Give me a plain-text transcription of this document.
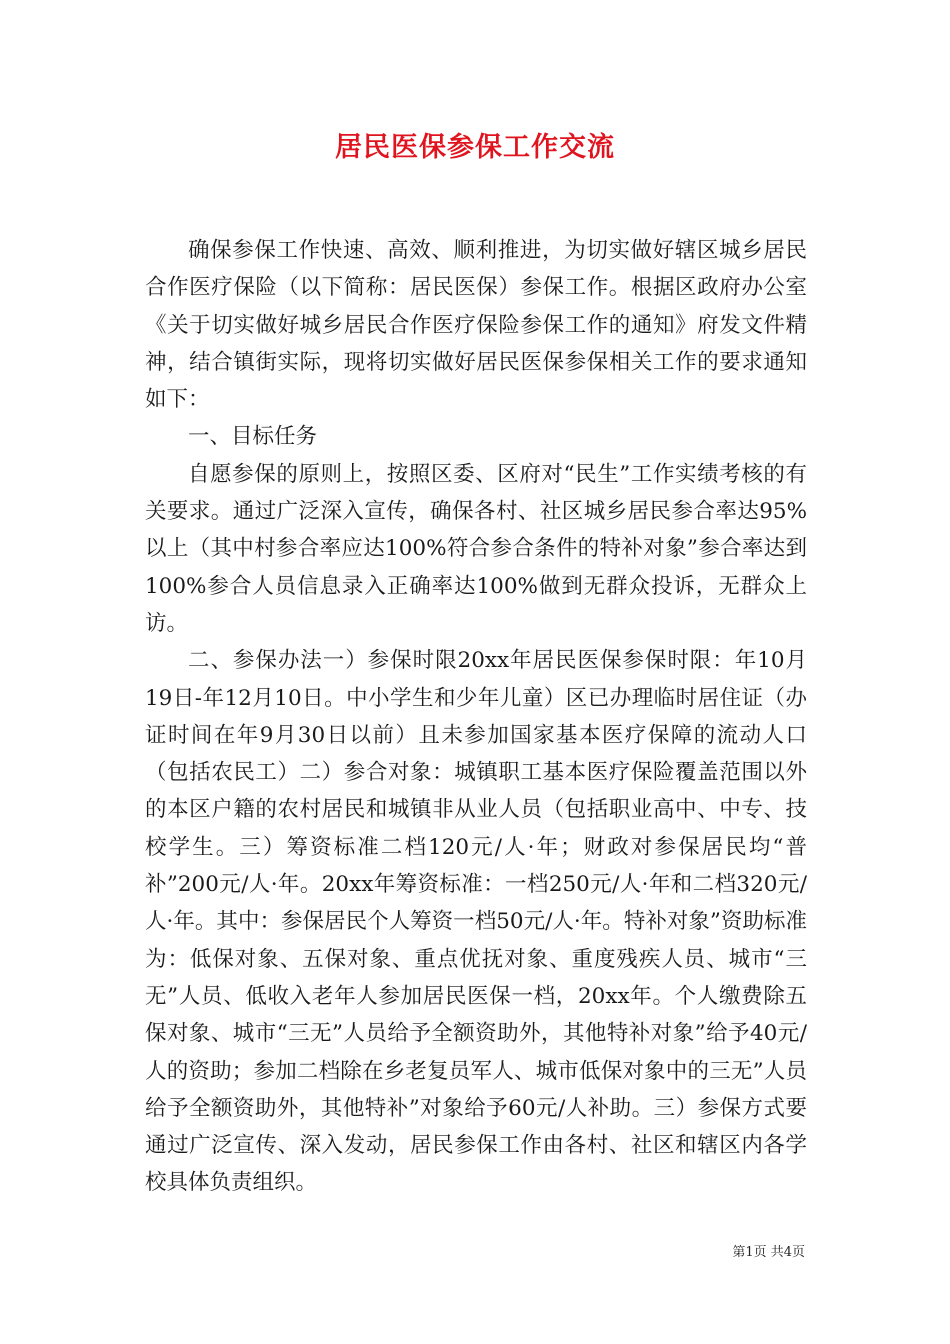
居民医保参保工作交流

确保参保工作快速、高效、顺利推进，为切实做好辖区城乡居民合作医疗保险（以下简称：居民医保）参保工作。根据区政府办公室《关于切实做好城乡居民合作医疗保险参保工作的通知》府发文件精神，结合镇街实际，现将切实做好居民医保参保相关工作的要求通知如下：

一、目标任务

自愿参保的原则上，按照区委、区府对“民生”工作实绩考核的有关要求。通过广泛深入宣传，确保各村、社区城乡居民参合率达95%以上（其中村参合率应达100%符合参合条件的特补对象”参合率达到100%参合人员信息录入正确率达100%做到无群众投诉，无群众上访。

二、参保办法一）参保时限20xx年居民医保参保时限：年10月19日-年12月10日。中小学生和少年儿童）区已办理临时居住证（办证时间在年9月30日以前）且未参加国家基本医疗保障的流动人口（包括农民工）二）参合对象：城镇职工基本医疗保险覆盖范围以外的本区户籍的农村居民和城镇非从业人员（包括职业高中、中专、技校学生。三）筹资标准二档120元/人·年；财政对参保居民均“普补”200元/人·年。20xx年筹资标准：一档250元/人·年和二档320元/人·年。其中：参保居民个人筹资一档50元/人·年。特补对象”资助标准为：低保对象、五保对象、重点优抚对象、重度残疾人员、城市“三无”人员、低收入老年人参加居民医保一档，20xx年。个人缴费除五保对象、城市“三无”人员给予全额资助外，其他特补对象”给予40元/人的资助；参加二档除在乡老复员军人、城市低保对象中的三无”人员给予全额资助外，其他特补”对象给予60元/人补助。三）参保方式要通过广泛宣传、深入发动，居民参保工作由各村、社区和辖区内各学校具体负责组织。

第1页 共4页
